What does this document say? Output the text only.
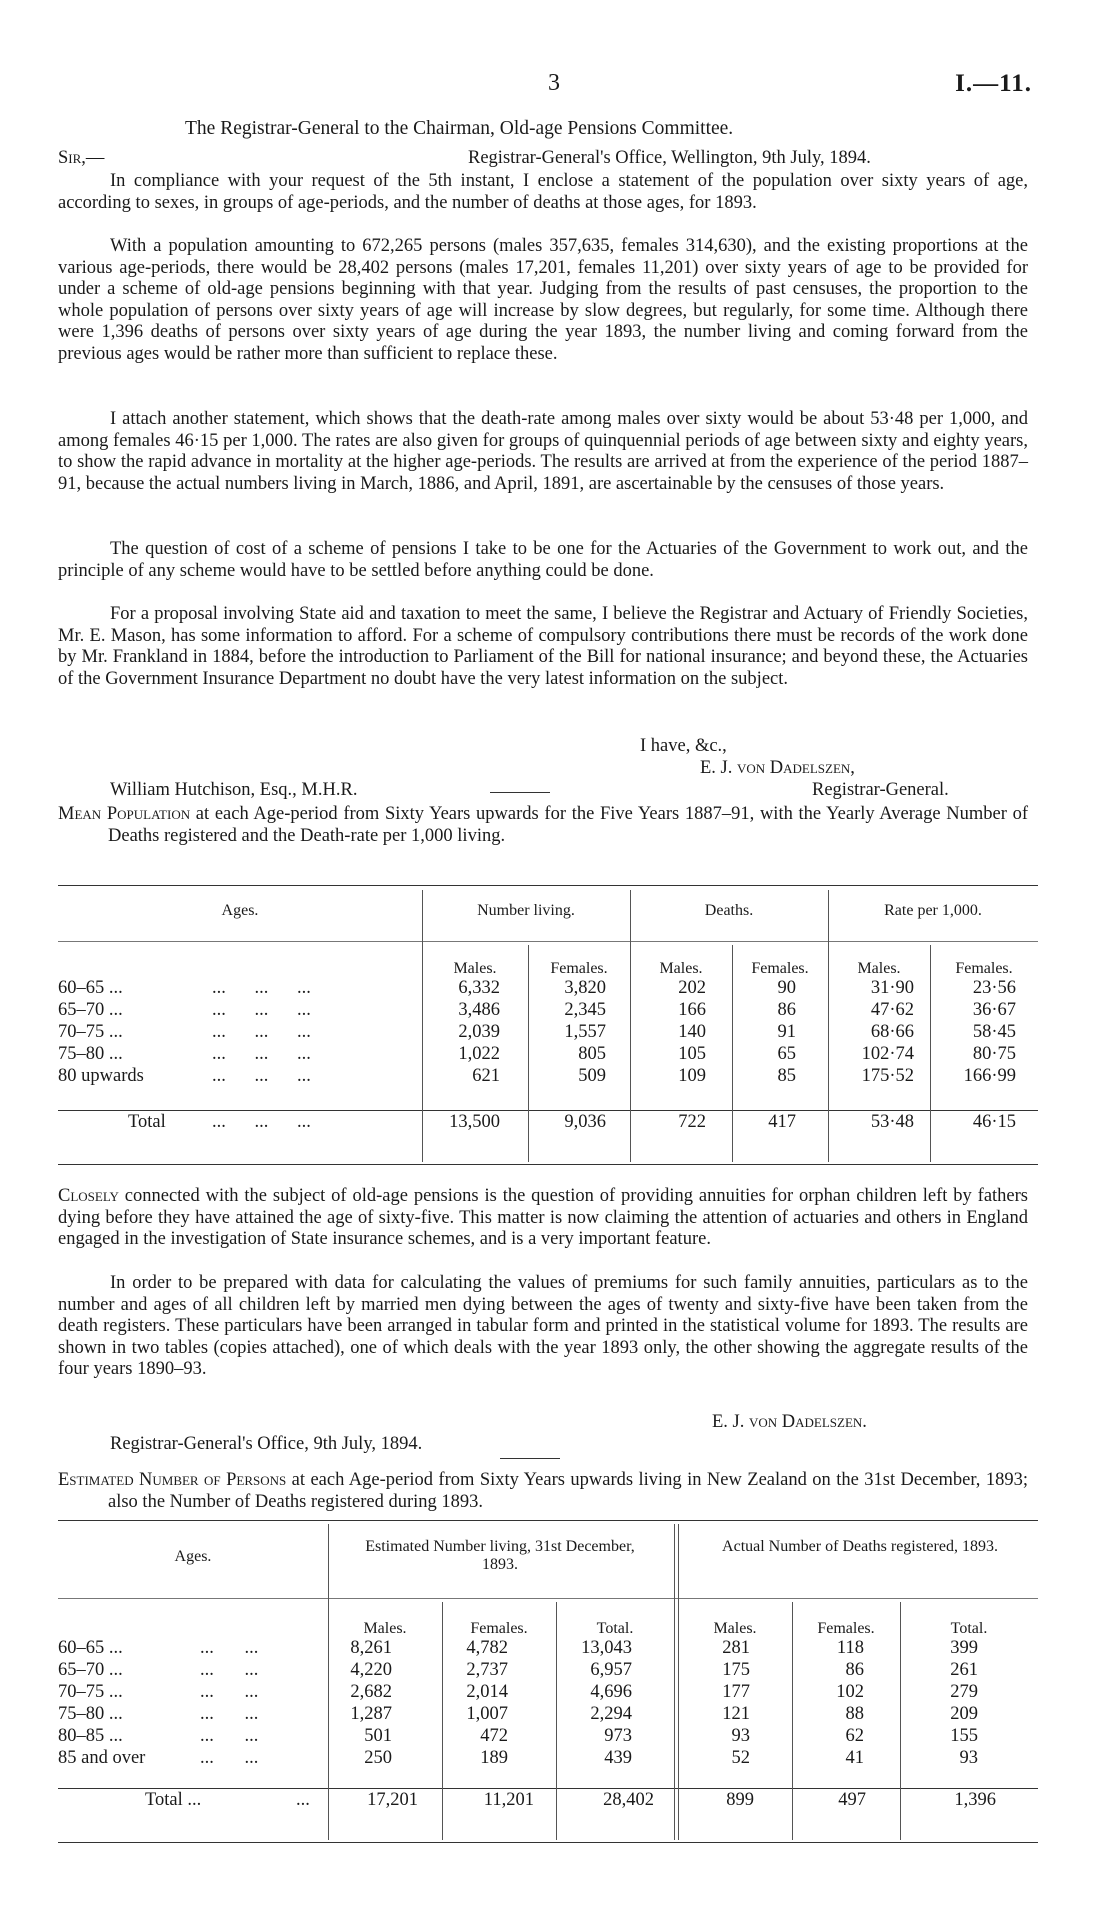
3	I.—11.
The Registrar-General to the Chairman, Old-age Pensions Committee.
Sir,—	Registrar-General's Office, Wellington, 9th July, 1894.

In compliance with your request of the 5th instant, I enclose a statement of the population over sixty years of age, according to sexes, in groups of age-periods, and the number of deaths at those ages, for 1893.

With a population amounting to 672,265 persons (males 357,635, females 314,630), and the existing proportions at the various age-periods, there would be 28,402 persons (males 17,201, females 11,201) over sixty years of age to be provided for under a scheme of old-age pensions beginning with that year. Judging from the results of past censuses, the proportion to the whole population of persons over sixty years of age will increase by slow degrees, but regularly, for some time. Although there were 1,396 deaths of persons over sixty years of age during the year 1893, the number living and coming forward from the previous ages would be rather more than sufficient to replace these.

I attach another statement, which shows that the death-rate among males over sixty would be about 53·48 per 1,000, and among females 46·15 per 1,000. The rates are also given for groups of quinquennial periods of age between sixty and eighty years, to show the rapid advance in mortality at the higher age-periods. The results are arrived at from the experience of the period 1887–91, because the actual numbers living in March, 1886, and April, 1891, are ascertainable by the censuses of those years.

The question of cost of a scheme of pensions I take to be one for the Actuaries of the Government to work out, and the principle of any scheme would have to be settled before anything could be done.

For a proposal involving State aid and taxation to meet the same, I believe the Registrar and Actuary of Friendly Societies, Mr. E. Mason, has some information to afford. For a scheme of compulsory contributions there must be records of the work done by Mr. Frankland in 1884, before the introduction to Parliament of the Bill for national insurance; and beyond these, the Actuaries of the Government Insurance Department no doubt have the very latest information on the subject.

I have, &c.,
E. J. von Dadelszen,
William Hutchison, Esq., M.H.R.	Registrar-General.
Mean Population at each Age-period from Sixty Years upwards for the Five Years 1887–91, with the Yearly Average Number of Deaths registered and the Death-rate per 1,000 living.
Ages.	Number living.	Deaths.	Rate per 1,000.
Males.	Females.	Males.	Females.	Males.	Females.
60–65 ...	... ... ...	6,332	3,820	202	90	31·90	23·56
65–70 ...	... ... ...	3,486	2,345	166	86	47·62	36·67
70–75 ...	... ... ...	2,039	1,557	140	91	68·66	58·45
75–80 ...	... ... ...	1,022	805	105	65	102·74	80·75
80 upwards	... ... ...	621	509	109	85	175·52	166·99
Total	... ... ...	13,500	9,036	722	417	53·48	46·15

Closely connected with the subject of old-age pensions is the question of providing annuities for orphan children left by fathers dying before they have attained the age of sixty-five. This matter is now claiming the attention of actuaries and others in England engaged in the investigation of State insurance schemes, and is a very important feature.

In order to be prepared with data for calculating the values of premiums for such family annuities, particulars as to the number and ages of all children left by married men dying between the ages of twenty and sixty-five have been taken from the death registers. These particulars have been arranged in tabular form and printed in the statistical volume for 1893. The results are shown in two tables (copies attached), one of which deals with the year 1893 only, the other showing the aggregate results of the four years 1890–93.

E. J. von Dadelszen.
Registrar-General's Office, 9th July, 1894.
Estimated Number of Persons at each Age-period from Sixty Years upwards living in New Zealand on the 31st December, 1893; also the Number of Deaths registered during 1893.
Ages.
Estimated Number living, 31st December, 1893.
Actual Number of Deaths registered, 1893.
Males.	Females.	Total.	Males.	Females.	Total.
60–65 ...	... ...	8,261	4,782	13,043	281	118	399
65–70 ...	... ...	4,220	2,737	6,957	175	86	261
70–75 ...	... ...	2,682	2,014	4,696	177	102	279
75–80 ...	... ...	1,287	1,007	2,294	121	88	209
80–85 ...	... ...	501	472	973	93	62	155
85 and over	... ...	250	189	439	52	41	93
Total ...	...	17,201	11,201	28,402	899	497	1,396
